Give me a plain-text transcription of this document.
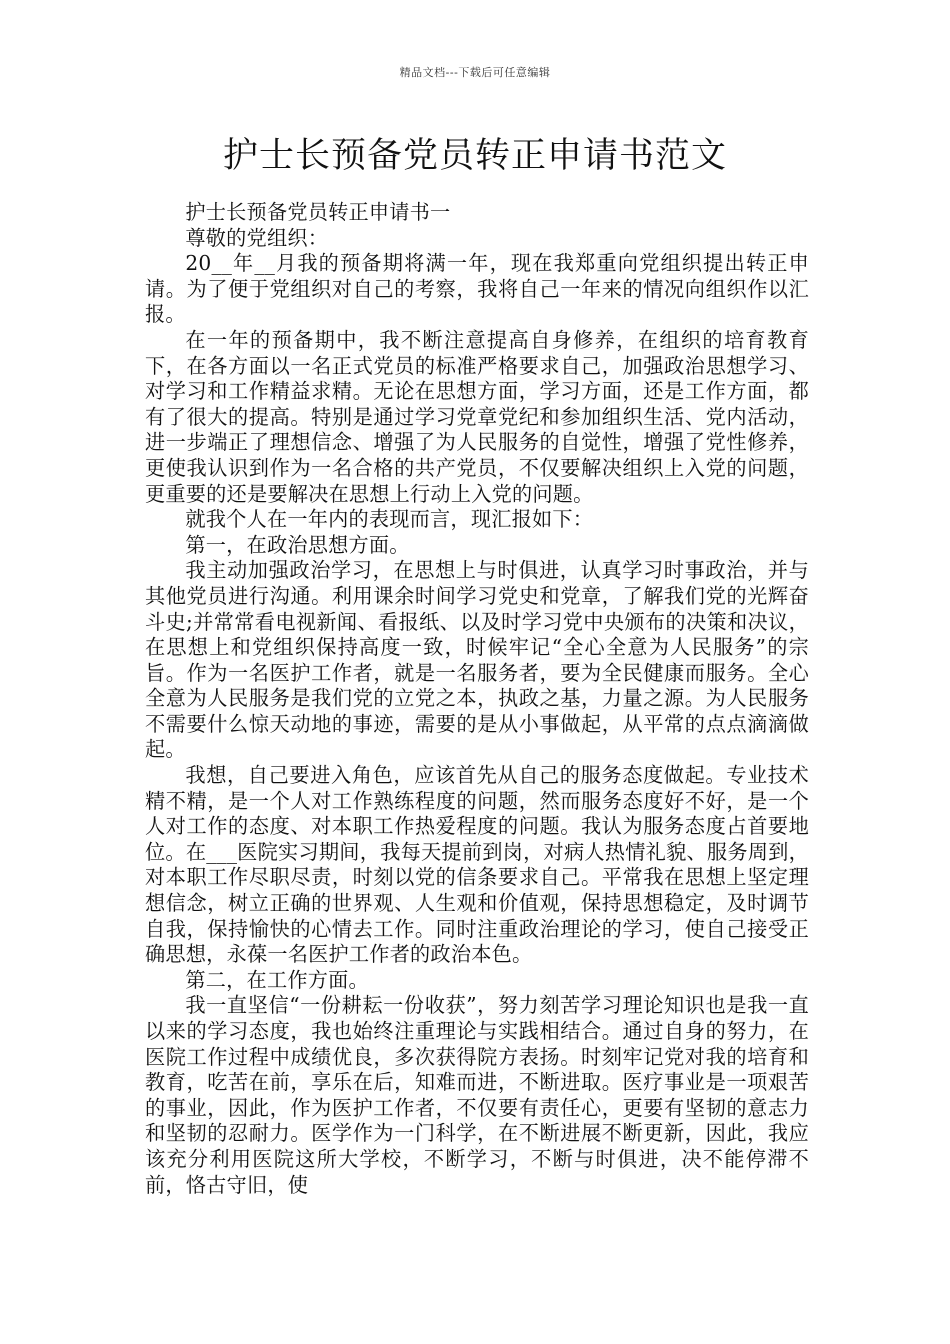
精品文档---下载后可任意编辑
护士长预备党员转正申请书范文

护士长预备党员转正申请书一

尊敬的党组织：

20__年__月我的预备期将满一年，现在我郑重向党组织提出转正申请。为了便于党组织对自己的考察，我将自己一年来的情况向组织作以汇报。

在一年的预备期中，我不断注意提高自身修养，在组织的培育教育下，在各方面以一名正式党员的标准严格要求自己，加强政治思想学习、对学习和工作精益求精。无论在思想方面，学习方面，还是工作方面，都有了很大的提高。特别是通过学习党章党纪和参加组织生活、党内活动，进一步端正了理想信念、增强了为人民服务的自觉性，增强了党性修养，更使我认识到作为一名合格的共产党员，不仅要解决组织上入党的问题，更重要的还是要解决在思想上行动上入党的问题。

就我个人在一年内的表现而言，现汇报如下：

第一，在政治思想方面。

我主动加强政治学习，在思想上与时俱进，认真学习时事政治，并与其他党员进行沟通。利用课余时间学习党史和党章，了解我们党的光辉奋斗史;并常常看电视新闻、看报纸、以及时学习党中央颁布的决策和决议，在思想上和党组织保持高度一致，时候牢记“全心全意为人民服务”的宗旨。作为一名医护工作者，就是一名服务者，要为全民健康而服务。全心全意为人民服务是我们党的立党之本，执政之基，力量之源。为人民服务不需要什么惊天动地的事迹，需要的是从小事做起，从平常的点点滴滴做起。

我想，自己要进入角色，应该首先从自己的服务态度做起。专业技术精不精，是一个人对工作熟练程度的问题，然而服务态度好不好，是一个人对工作的态度、对本职工作热爱程度的问题。我认为服务态度占首要地位。在___医院实习期间，我每天提前到岗，对病人热情礼貌、服务周到，对本职工作尽职尽责，时刻以党的信条要求自己。平常我在思想上坚定理想信念，树立正确的世界观、人生观和价值观，保持思想稳定，及时调节自我，保持愉快的心情去工作。同时注重政治理论的学习，使自己接受正确思想，永葆一名医护工作者的政治本色。

第二，在工作方面。

我一直坚信“一份耕耘一份收获”，努力刻苦学习理论知识也是我一直以来的学习态度，我也始终注重理论与实践相结合。通过自身的努力，在医院工作过程中成绩优良，多次获得院方表扬。时刻牢记党对我的培育和教育，吃苦在前，享乐在后，知难而进，不断进取。医疗事业是一项艰苦的事业，因此，作为医护工作者，不仅要有责任心，更要有坚韧的意志力和坚韧的忍耐力。医学作为一门科学，在不断进展不断更新，因此，我应该充分利用医院这所大学校，不断学习，不断与时俱进，决不能停滞不前，恪古守旧，使
